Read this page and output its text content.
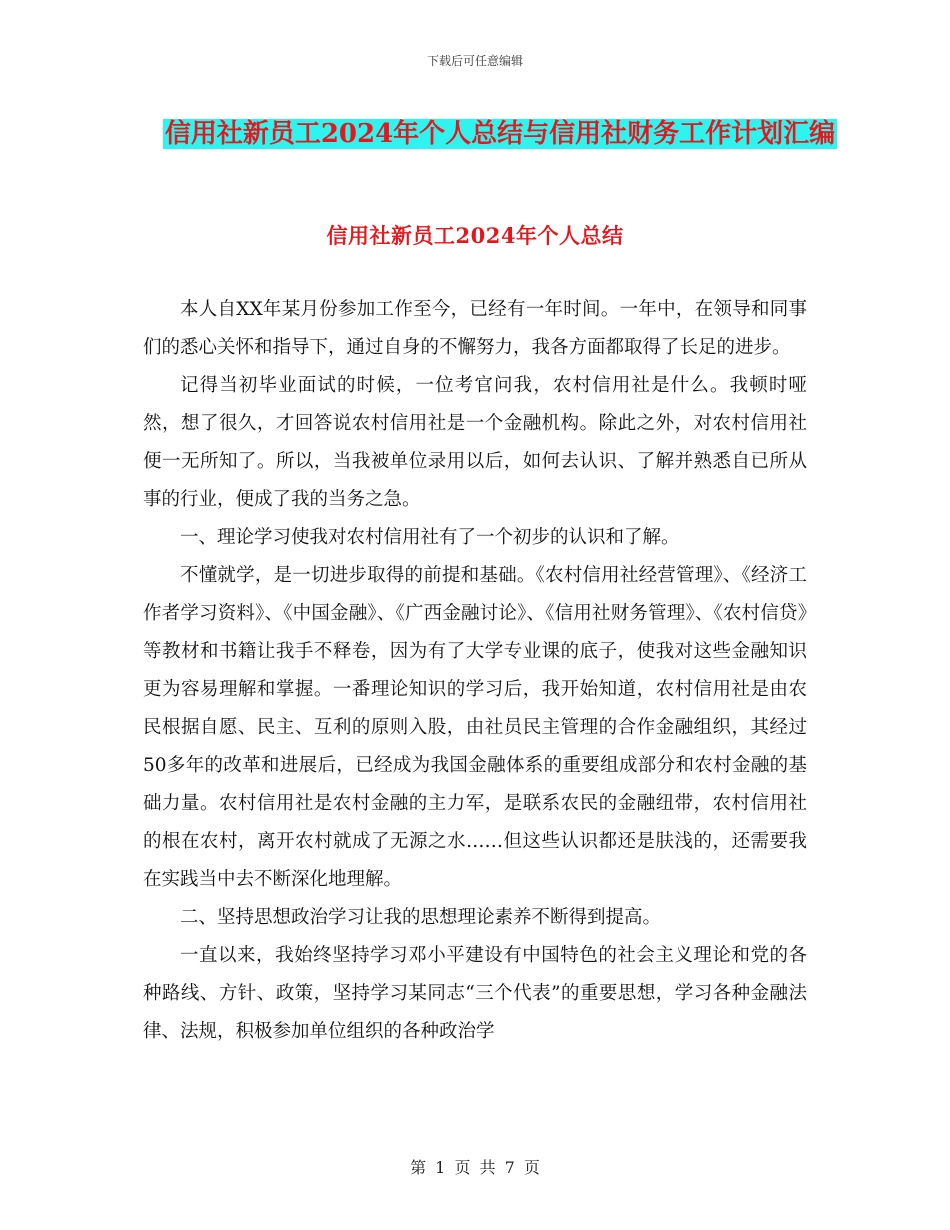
下载后可任意编辑
信用社新员工2024年个人总结与信用社财务工作计划汇编
信用社新员工2024年个人总结

本人自XX年某月份参加工作至今，已经有一年时间。一年中，在领导和同事们的悉心关怀和指导下，通过自身的不懈努力，我各方面都取得了长足的进步。

记得当初毕业面试的时候，一位考官问我，农村信用社是什么。我顿时哑然，想了很久，才回答说农村信用社是一个金融机构。除此之外，对农村信用社便一无所知了。所以，当我被单位录用以后，如何去认识、了解并熟悉自已所从事的行业，便成了我的当务之急。

一、理论学习使我对农村信用社有了一个初步的认识和了解。

不懂就学，是一切进步取得的前提和基础。《农村信用社经营管理》、《经济工作者学习资料》、《中国金融》、《广西金融讨论》、《信用社财务管理》、《农村信贷》等教材和书籍让我手不释卷，因为有了大学专业课的底子，使我对这些金融知识更为容易理解和掌握。一番理论知识的学习后，我开始知道，农村信用社是由农民根据自愿、民主、互利的原则入股，由社员民主管理的合作金融组织，其经过50多年的改革和进展后，已经成为我国金融体系的重要组成部分和农村金融的基础力量。农村信用社是农村金融的主力军，是联系农民的金融纽带，农村信用社的根在农村，离开农村就成了无源之水……但这些认识都还是肤浅的，还需要我在实践当中去不断深化地理解。

二、坚持思想政治学习让我的思想理论素养不断得到提高。

一直以来，我始终坚持学习邓小平建设有中国特色的社会主义理论和党的各种路线、方针、政策，坚持学习某同志“三个代表”的重要思想，学习各种金融法律、法规，积极参加单位组织的各种政治学

第 1 页 共 7 页
